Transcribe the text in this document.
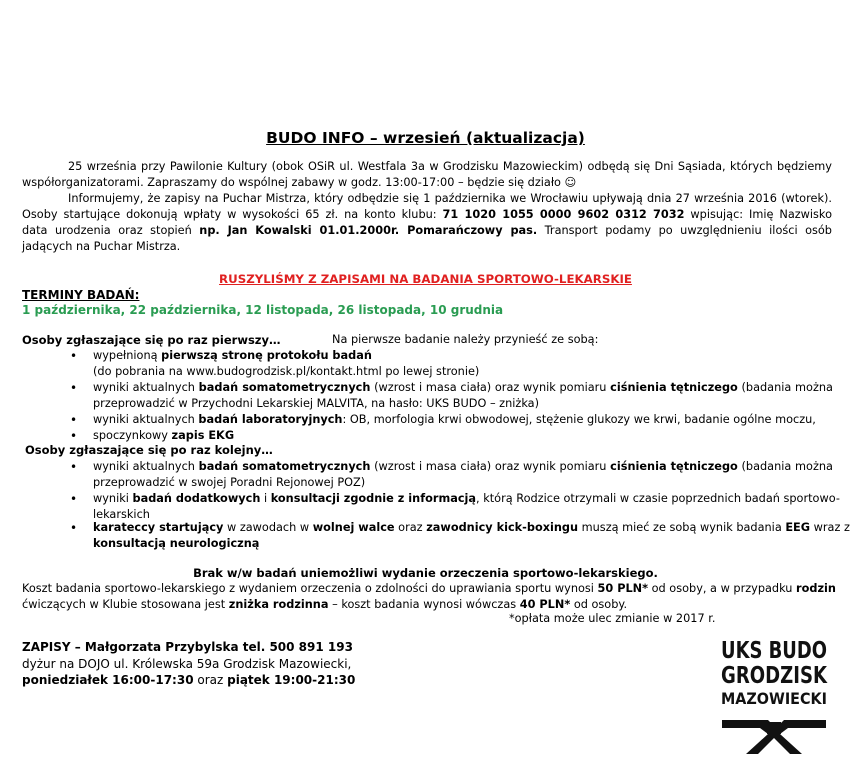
BUDO INFO – wrzesień (aktualizacja)
25 września przy Pawilonie Kultury (obok OSiR ul. Westfala 3a w Grodzisku Mazowieckim) odbędą się Dni Sąsiada, których będziemy
współorganizatorami. Zapraszamy do wspólnej zabawy w godz. 13:00-17:00 – będzie się działo ☺
Informujemy, że zapisy na Puchar Mistrza, który odbędzie się 1 października we Wrocławiu upływają dnia 27 września 2016 (wtorek).
Osoby startujące dokonują wpłaty w wysokości 65 zł. na konto klubu: 71 1020 1055 0000 9602 0312 7032 wpisując: Imię Nazwisko
data urodzenia oraz stopień np. Jan Kowalski 01.01.2000r. Pomarańczowy pas. Transport podamy po uwzględnieniu ilości osób
jadących na Puchar Mistrza.
RUSZYLIŚMY Z ZAPISAMI NA BADANIA SPORTOWO-LEKARSKIE
TERMINY BADAŃ:
1 października, 22 października, 12 listopada, 26 listopada, 10 grudnia
Osoby zgłaszające się po raz pierwszy…	Na pierwsze badanie należy przynieść ze sobą:
• wypełnioną pierwszą stronę protokołu badań
(do pobrania na www.budogrodzisk.pl/kontakt.html po lewej stronie)
• wyniki aktualnych badań somatometrycznych (wzrost i masa ciała) oraz wynik pomiaru ciśnienia tętniczego (badania można
przeprowadzić w Przychodni Lekarskiej MALVITA, na hasło: UKS BUDO – zniżka)
• wyniki aktualnych badań laboratoryjnych: OB, morfologia krwi obwodowej, stężenie glukozy we krwi, badanie ogólne moczu,
• spoczynkowy zapis EKG
Osoby zgłaszające się po raz kolejny…
• wyniki aktualnych badań somatometrycznych (wzrost i masa ciała) oraz wynik pomiaru ciśnienia tętniczego (badania można
przeprowadzić w swojej Poradni Rejonowej POZ)
• wyniki badań dodatkowych i konsultacji zgodnie z informacją, którą Rodzice otrzymali w czasie poprzednich badań sportowo-
lekarskich
• karateccy startujący w zawodach w wolnej walce oraz zawodnicy kick-boxingu muszą mieć ze sobą wynik badania EEG wraz z
konsultacją neurologiczną
Brak w/w badań uniemożliwi wydanie orzeczenia sportowo-lekarskiego.
Koszt badania sportowo-lekarskiego z wydaniem orzeczenia o zdolności do uprawiania sportu wynosi 50 PLN* od osoby, a w przypadku rodzin
ćwiczących w Klubie stosowana jest zniżka rodzinna – koszt badania wynosi wówczas 40 PLN* od osoby.
*opłata może ulec zmianie w 2017 r.
ZAPISY – Małgorzata Przybylska tel. 500 891 193
dyżur na DOJO ul. Królewska 59a Grodzisk Mazowiecki,
poniedziałek 16:00-17:30 oraz piątek 19:00-21:30
UKS BUDO
GRODZISK
MAZOWIECKI
